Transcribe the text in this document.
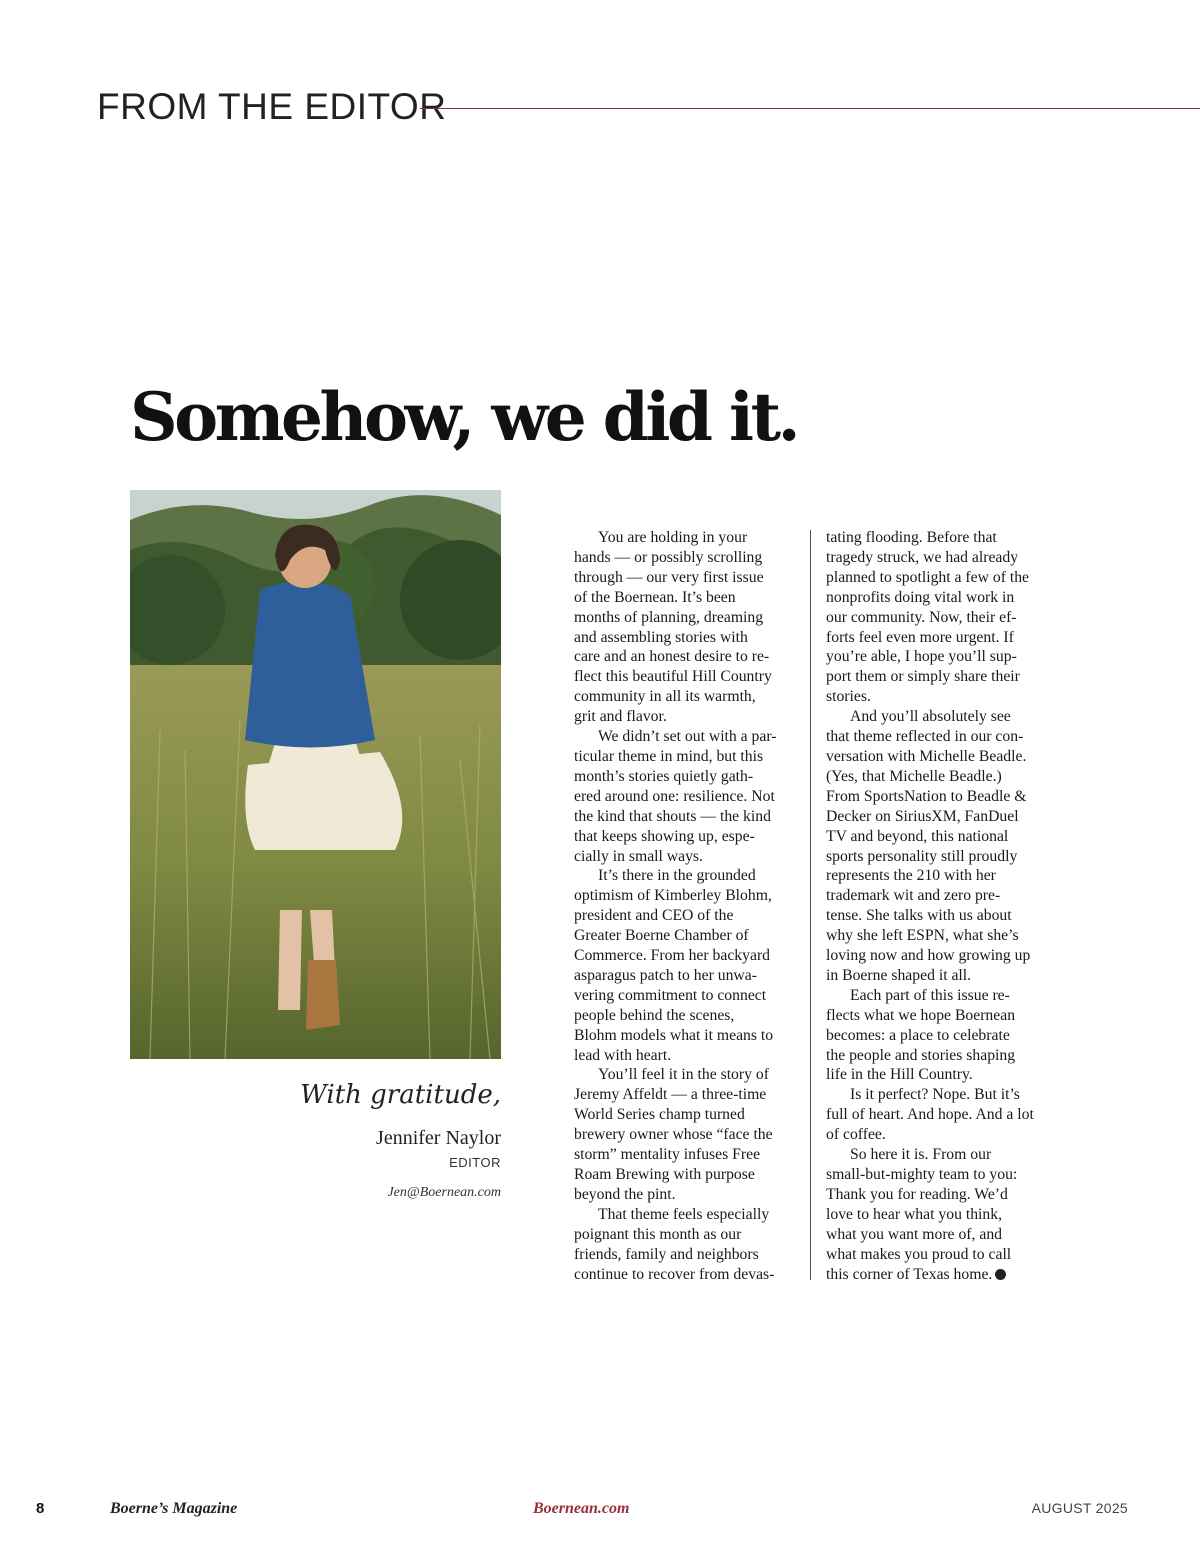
FROM THE EDITOR
Somehow, we did it.
With gratitude,
Jennifer Naylor
EDITOR
Jen@Boernean.com
You are holding in your
hands — or possibly scrolling
through — our very first issue
of the Boernean. It’s been
months of planning, dreaming
and assembling stories with
care and an honest desire to re-
flect this beautiful Hill Country
community in all its warmth,
grit and flavor.
We didn’t set out with a par-
ticular theme in mind, but this
month’s stories quietly gath-
ered around one: resilience. Not
the kind that shouts — the kind
that keeps showing up, espe-
cially in small ways.
It’s there in the grounded
optimism of Kimberley Blohm,
president and CEO of the
Greater Boerne Chamber of
Commerce. From her backyard
asparagus patch to her unwa-
vering commitment to connect
people behind the scenes,
Blohm models what it means to
lead with heart.
You’ll feel it in the story of
Jeremy Affeldt — a three-time
World Series champ turned
brewery owner whose “face the
storm” mentality infuses Free
Roam Brewing with purpose
beyond the pint.
That theme feels especially
poignant this month as our
friends, family and neighbors
continue to recover from devas-
tating flooding. Before that
tragedy struck, we had already
planned to spotlight a few of the
nonprofits doing vital work in
our community. Now, their ef-
forts feel even more urgent. If
you’re able, I hope you’ll sup-
port them or simply share their
stories.
And you’ll absolutely see
that theme reflected in our con-
versation with Michelle Beadle.
(Yes, that Michelle Beadle.)
From SportsNation to Beadle &
Decker on SiriusXM, FanDuel
TV and beyond, this national
sports personality still proudly
represents the 210 with her
trademark wit and zero pre-
tense. She talks with us about
why she left ESPN, what she’s
loving now and how growing up
in Boerne shaped it all.
Each part of this issue re-
flects what we hope Boernean
becomes: a place to celebrate
the people and stories shaping
life in the Hill Country.
Is it perfect? Nope. But it’s
full of heart. And hope. And a lot
of coffee.
So here it is. From our
small-but-mighty team to you:
Thank you for reading. We’d
love to hear what you think,
what you want more of, and
what makes you proud to call
this corner of Texas home.
8	Boerne’s Magazine	Boernean.com	AUGUST 2025
